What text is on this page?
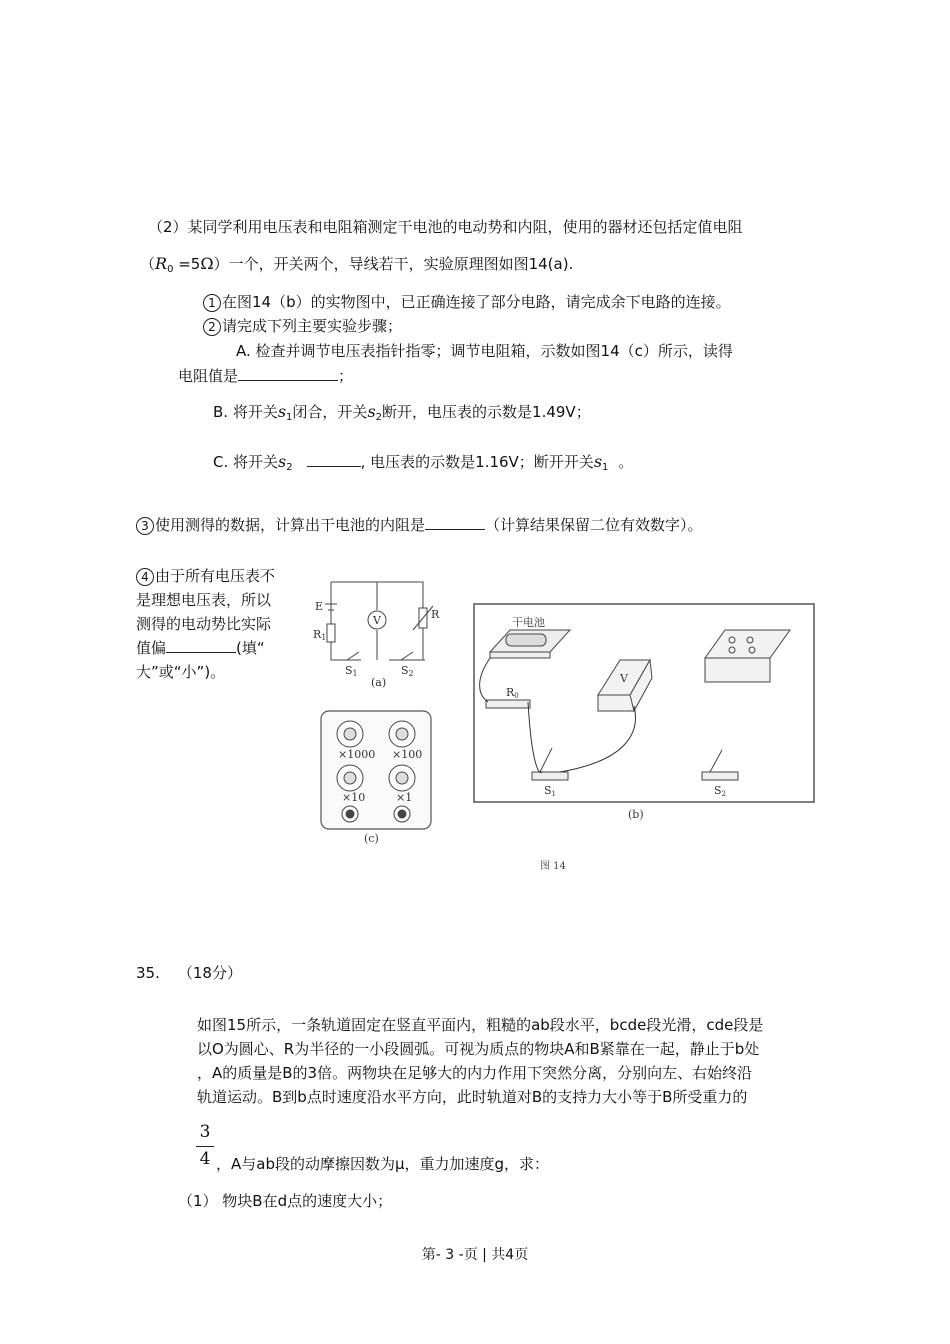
（2）某同学利用电压表和电阻箱测定干电池的电动势和内阻，使用的器材还包括定值电阻
$(R_0 =5\Omega)$一个，开关两个，导线若干，实验原理图如图14(a).
1 在图14（b）的实物图中，已正确连接了部分电路，请完成余下电路的连接。
2 请完成下列主要实验步骤；
A. 检查并调节电压表指针指零；调节电阻箱，示数如图14（c）所示，读得
电阻值是	；
B. 将开关$s_1$闭合，开关$s_2$断开，电压表的示数是1.49V；
C. 将开关$s_2$	, 电压表的示数是1.16V；断开开关$s_1$ 。
3 使用测得的数据，计算出干电池的内阻是	（计算结果保留二位有效数字）。
4 由于所有电压表不
是理想电压表，所以
测得的电动势比实际
值偏	(填“
大”或“小”)。
E
R1
R
V
S1	S2
(a)
干电池
R0
V
S1	S2
(b)
×1000 ×100
×10	×1
(c)
图 14
35. （18分）
如图15所示，一条轨道固定在竖直平面内，粗糙的ab段水平，bcde段光滑，cde段是
以O为圆心、R为半径的一小段圆弧。可视为质点的物块A和B紧靠在一起，静止于b处
，A的质量是B的3倍。两物块在足够大的内力作用下突然分离，分别向左、右始终沿
轨道运动。B到b点时速度沿水平方向，此时轨道对B的支持力大小等于B所受重力的
3
4 ，A与ab段的动摩擦因数为μ，重力加速度g，求：
（1） 物块B在d点的速度大小；
第- 3 -页 | 共4页
